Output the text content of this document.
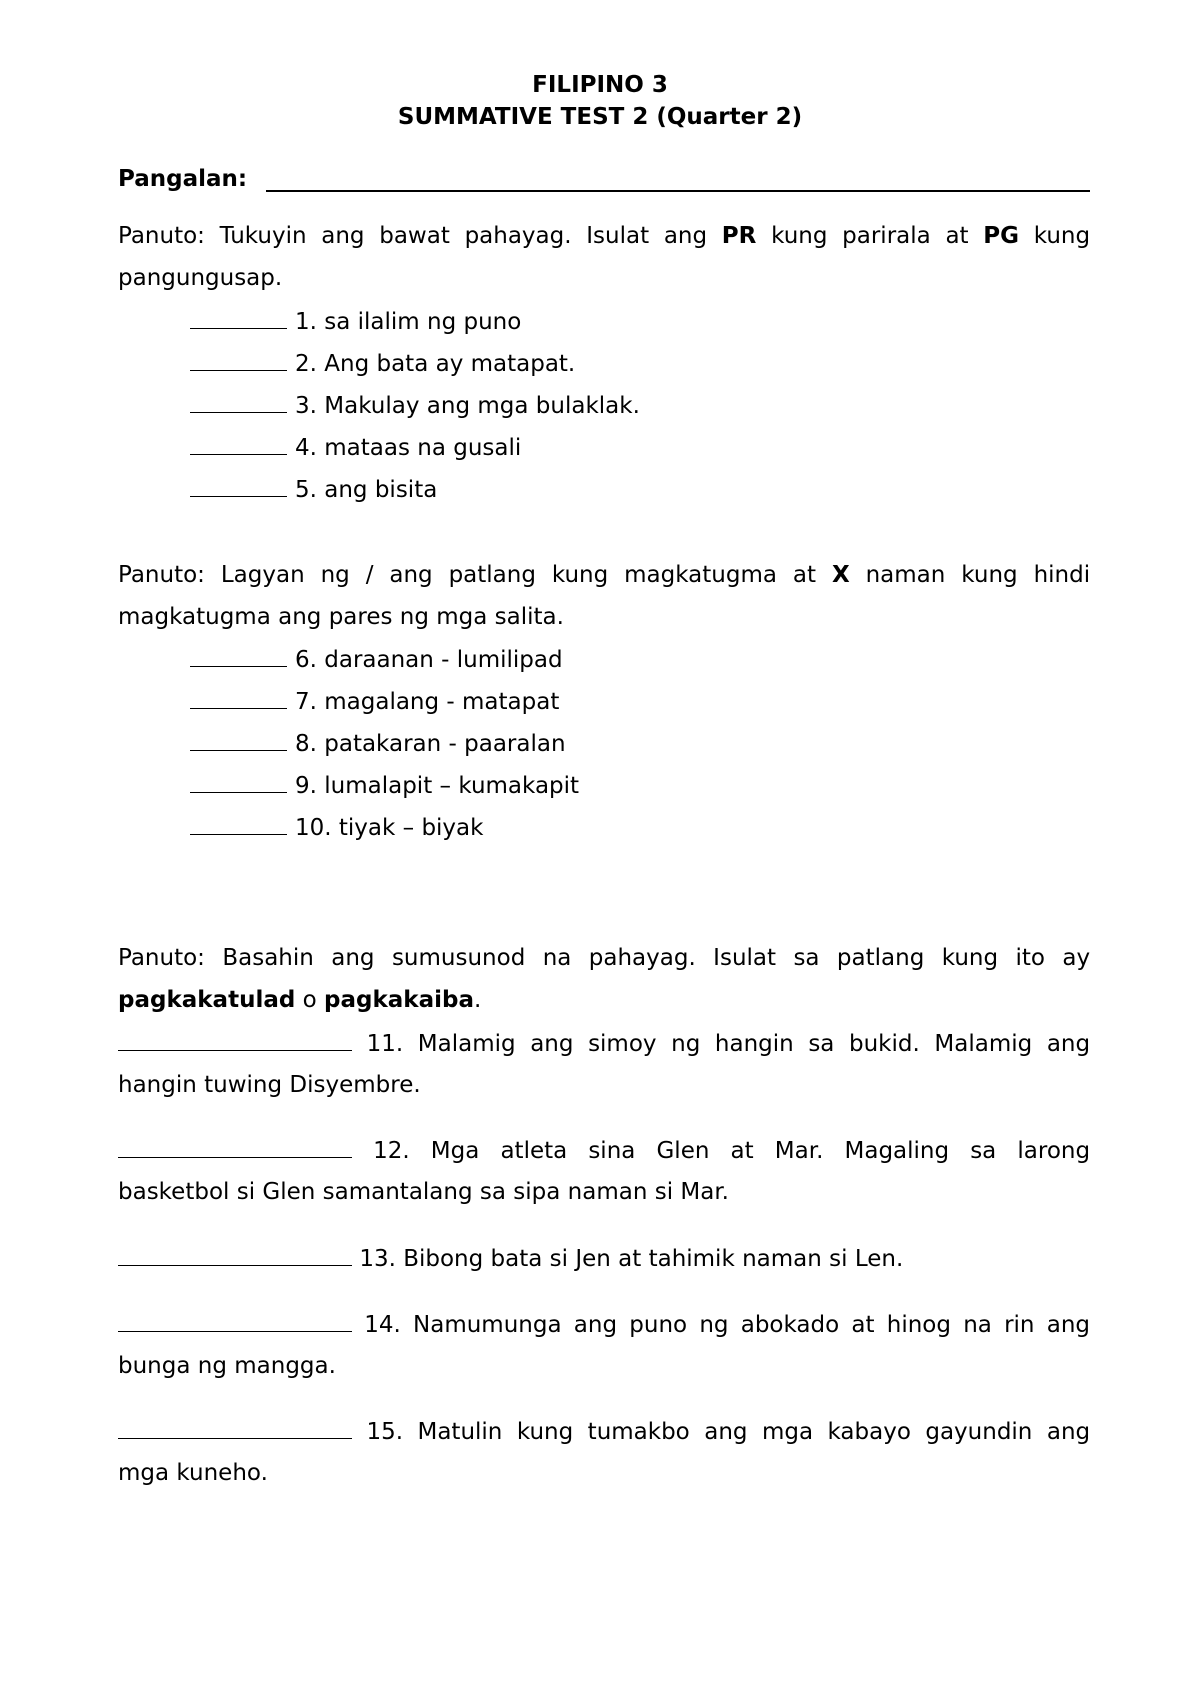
FILIPINO 3
SUMMATIVE TEST 2 (Quarter 2)
Pangalan:
Panuto: Tukuyin ang bawat pahayag. Isulat ang PR kung parirala at PG kung
pangungusap.
1. sa ilalim ng puno
2. Ang bata ay matapat.
3. Makulay ang mga bulaklak.
4. mataas na gusali
5. ang bisita
Panuto: Lagyan ng / ang patlang kung magkatugma at X naman kung hindi
magkatugma ang pares ng mga salita.
6. daraanan - lumilipad
7. magalang - matapat
8. patakaran - paaralan
9. lumalapit – kumakapit
10. tiyak – biyak
Panuto: Basahin ang sumusunod na pahayag. Isulat sa patlang kung ito ay
pagkakatulad o pagkakaiba.
11. Malamig ang simoy ng hangin sa bukid. Malamig ang
hangin tuwing Disyembre.
12. Mga atleta sina Glen at Mar. Magaling sa larong
basketbol si Glen samantalang sa sipa naman si Mar.
13. Bibong bata si Jen at tahimik naman si Len.
14. Namumunga ang puno ng abokado at hinog na rin ang
bunga ng mangga.
15. Matulin kung tumakbo ang mga kabayo gayundin ang
mga kuneho.
